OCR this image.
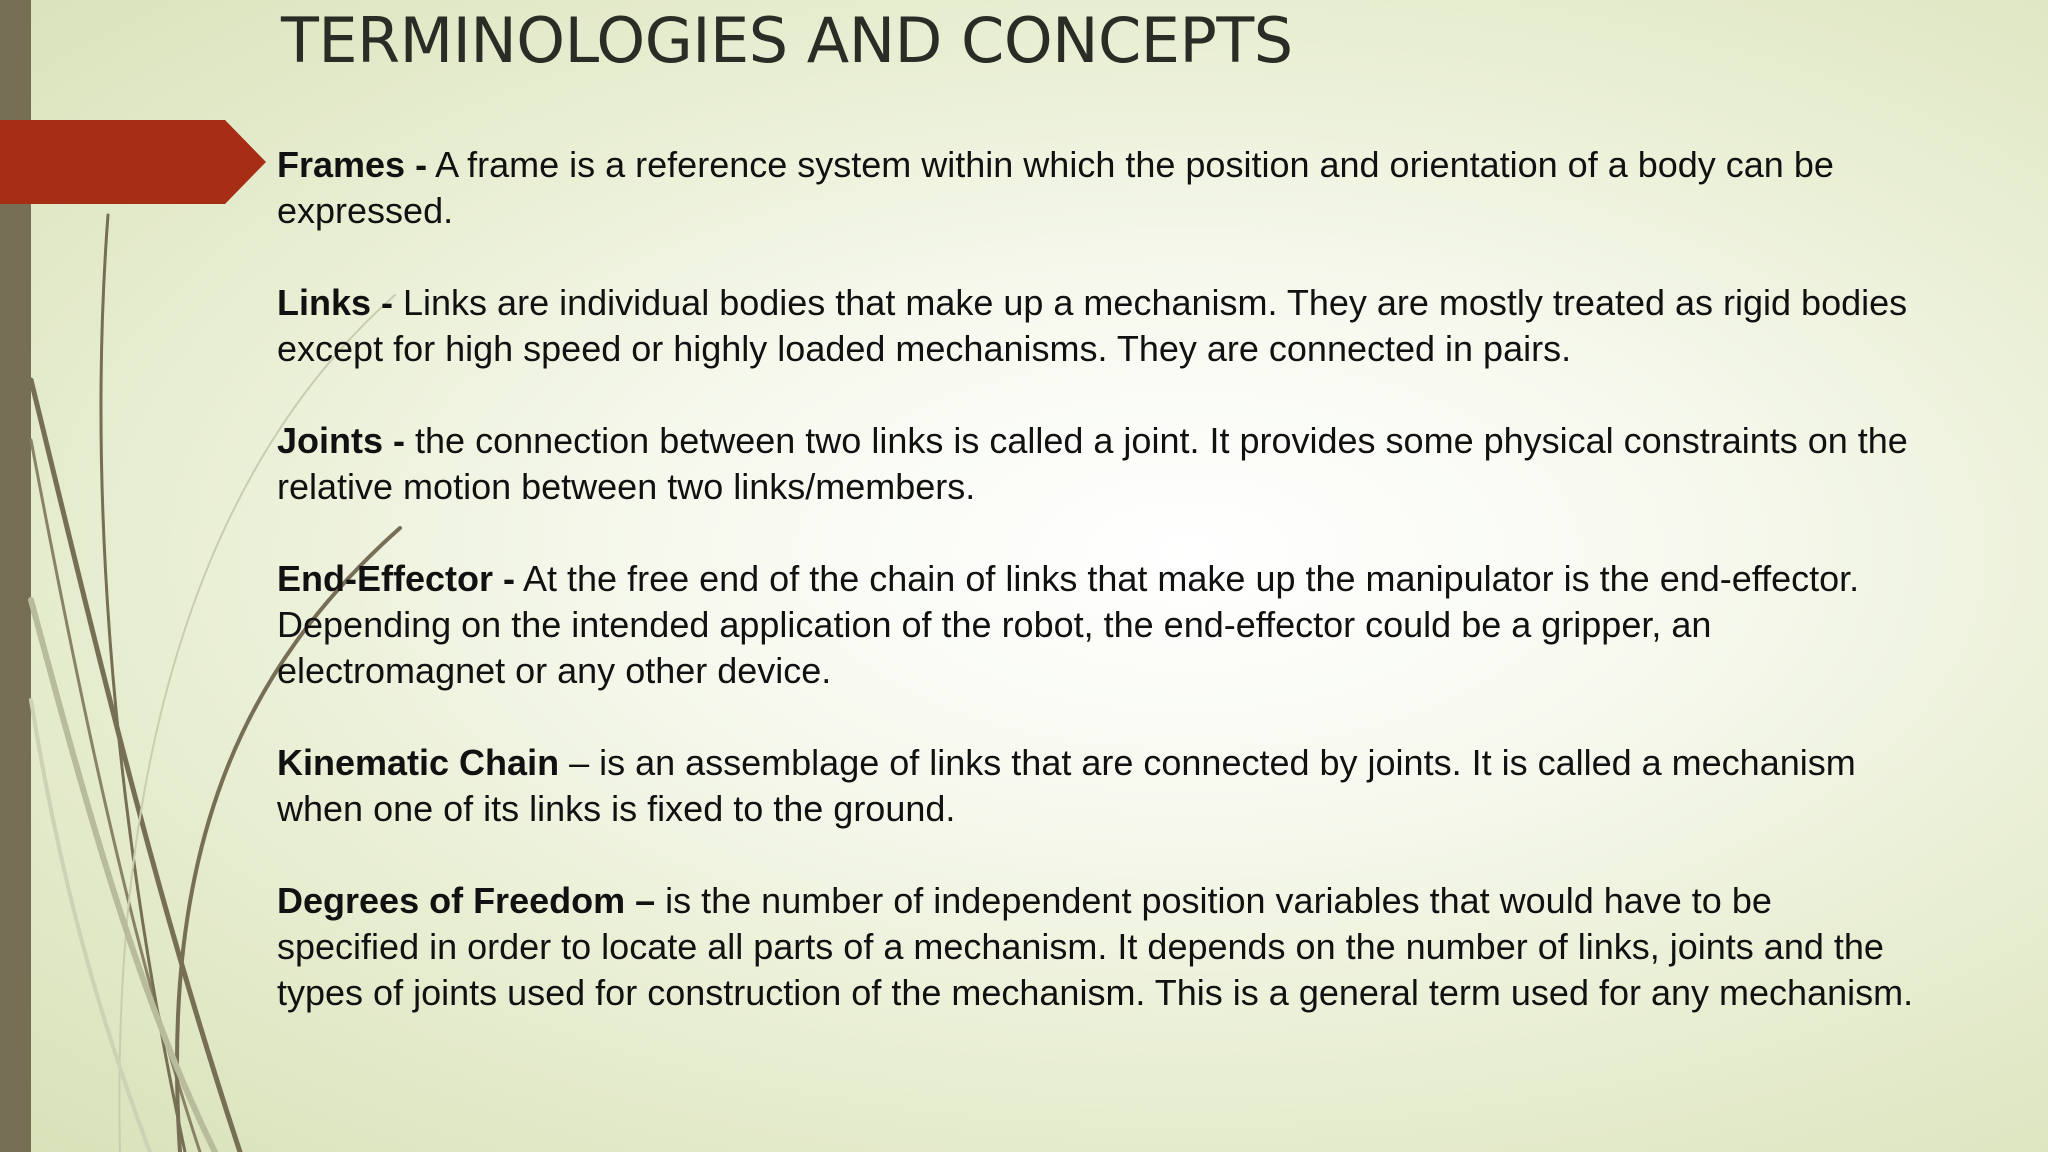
TERMINOLOGIES AND CONCEPTS

Frames - A frame is a reference system within which the position and orientation of a body can be expressed.

Links - Links are individual bodies that make up a mechanism. They are mostly treated as rigid bodies except for high speed or highly loaded mechanisms. They are connected in pairs.

Joints - the connection between two links is called a joint. It provides some physical constraints on the relative motion between two links/members.

End-Effector - At the free end of the chain of links that make up the manipulator is the end-effector. Depending on the intended application of the robot, the end-effector could be a gripper, an electromagnet or any other device.

Kinematic Chain – is an assemblage of links that are connected by joints. It is called a mechanism when one of its links is fixed to the ground.

Degrees of Freedom – is the number of independent position variables that would have to be specified in order to locate all parts of a mechanism. It depends on the number of links, joints and the types of joints used for construction of the mechanism. This is a general term used for any mechanism.
